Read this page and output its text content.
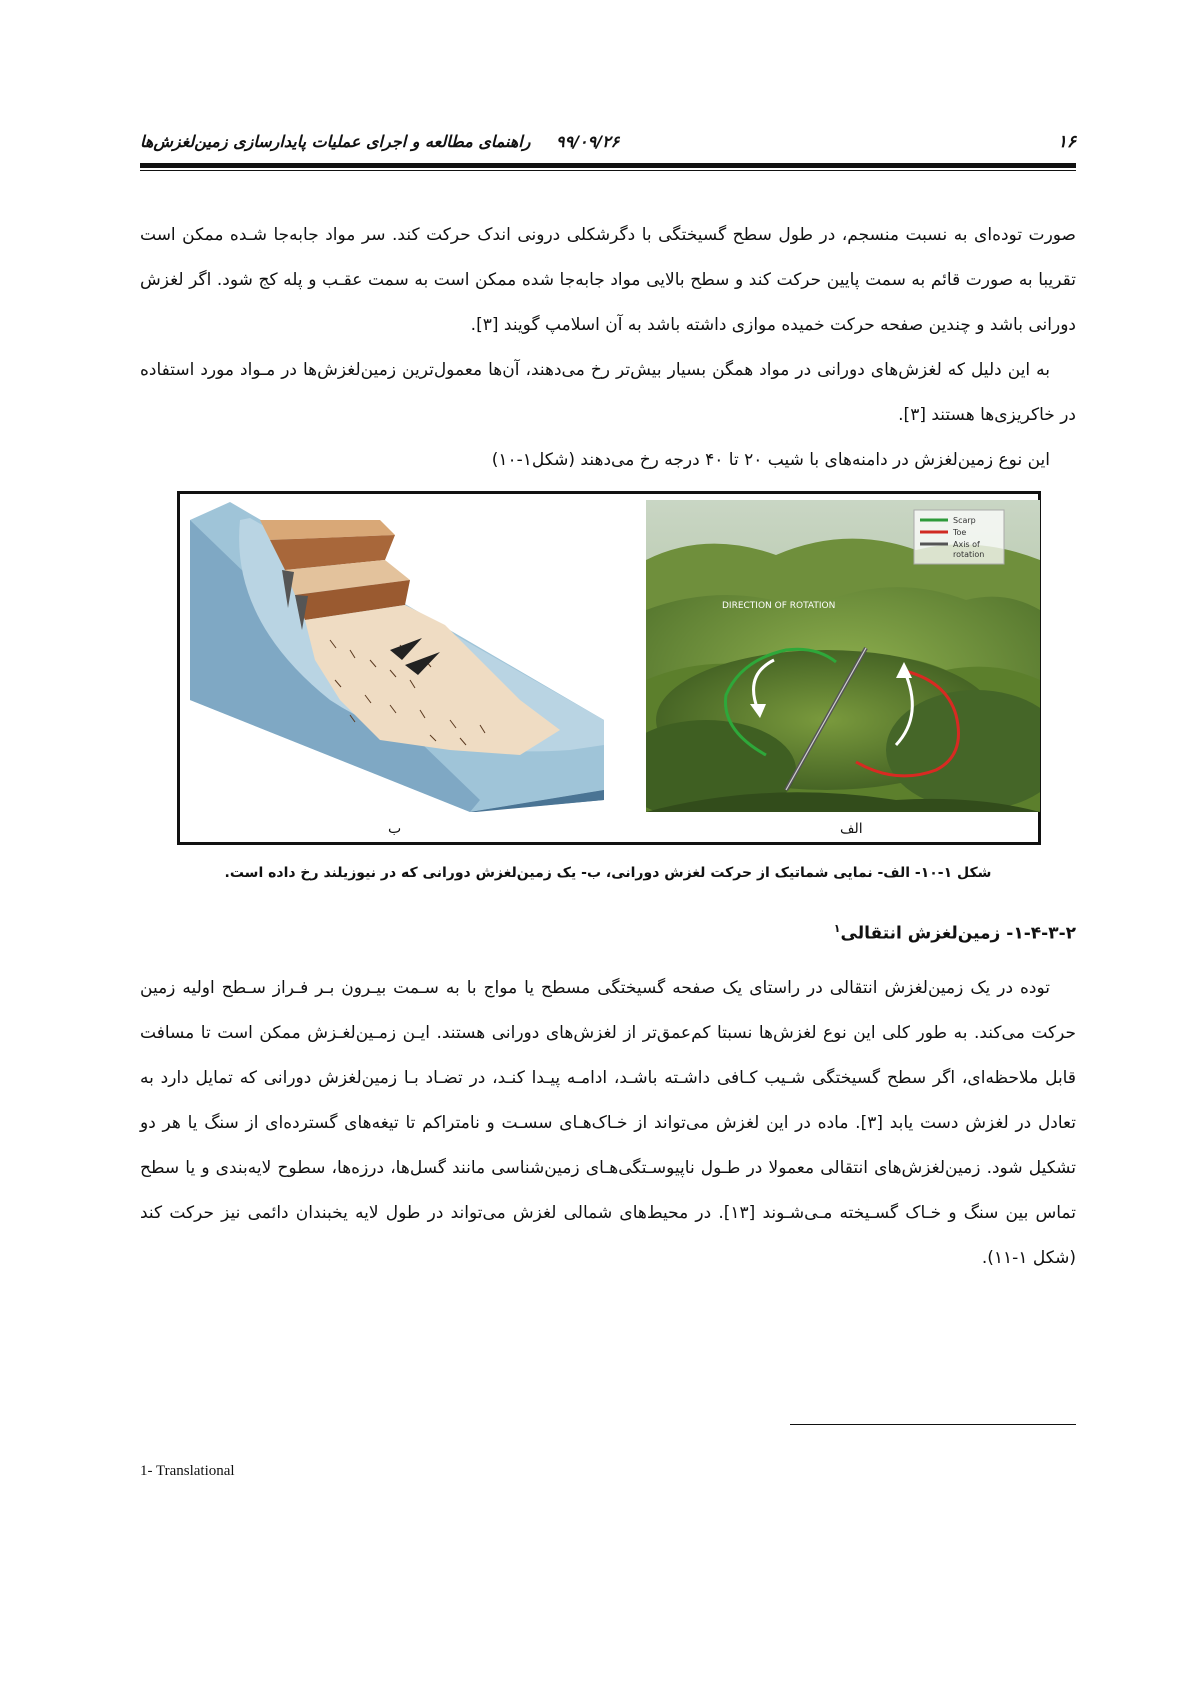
۱۶
۹۹/۰۹/۲۶ راهنمای مطالعه و اجرای عملیات پایدارسازی زمین‌لغزش‌ها

صورت توده‌ای به نسبت منسجم، در طول سطح گسیختگی با دگرشکلی درونی اندک حرکت کند. سر مواد جابه‌جا شـده ممکن است تقریبا به صورت قائم به سمت پایین حرکت کند و سطح بالایی مواد جابه‌جا شده ممکن است به سمت عقـب و پله کج شود. اگر لغزش دورانی باشد و چندین صفحه حرکت خمیده موازی داشته باشد به آن اسلامپ گویند [۳].

به این دلیل که لغزش‌های دورانی در مواد همگن بسیار بیش‌تر رخ می‌دهند، آن‌ها معمول‌ترین زمین‌لغزش‌ها در مـواد مورد استفاده در خاکریزی‌ها هستند [۳].

این نوع زمین‌لغزش در دامنه‌های با شیب ۲۰ تا ۴۰ درجه رخ می‌دهند (شکل۱-۱۰)

DIRECTION OF ROTATION
Scarp
Toe
Axis of
rotation
الف
ب
شکل ۱-۱۰- الف- نمایی شماتیک از حرکت لغزش دورانی، ب- یک زمین‌لغزش دورانی که در نیوزیلند رخ داده است.
۱-۴-۳-۲- زمین‌لغزش انتقالی$^۱$

توده در یک زمین‌لغزش انتقالی در راستای یک صفحه گسیختگی مسطح یا مواج با به سـمت بیـرون بـر فـراز سـطح اولیه زمین حرکت می‌کند. به طور کلی این نوع لغزش‌ها نسبتا کم‌عمق‌تر از لغزش‌های دورانی هستند. ایـن زمـین‌لغـزش ممکن است تا مسافت قابل ملاحظه‌ای، اگر سطح گسیختگی شـیب کـافی داشـته باشـد، ادامـه پیـدا کنـد، در تضـاد بـا زمین‌لغزش دورانی که تمایل دارد به تعادل در لغزش دست یابد [۳]. ماده در این لغزش می‌تواند از خـاک‌هـای سسـت و نامتراکم تا تیغه‌های گسترده‌ای از سنگ یا هر دو تشکیل شود. زمین‌لغزش‌های انتقالی معمولا در طـول ناپیوسـتگی‌هـای زمین‌شناسی مانند گسل‌ها، درزه‌ها، سطوح لایه‌بندی و یا سطح تماس بین سنگ و خـاک گسـیخته مـی‌شـوند [۱۳]. در محیط‌های شمالی لغزش می‌تواند در طول لایه یخبندان دائمی نیز حرکت کند (شکل ۱-۱۱).

1- Translational
